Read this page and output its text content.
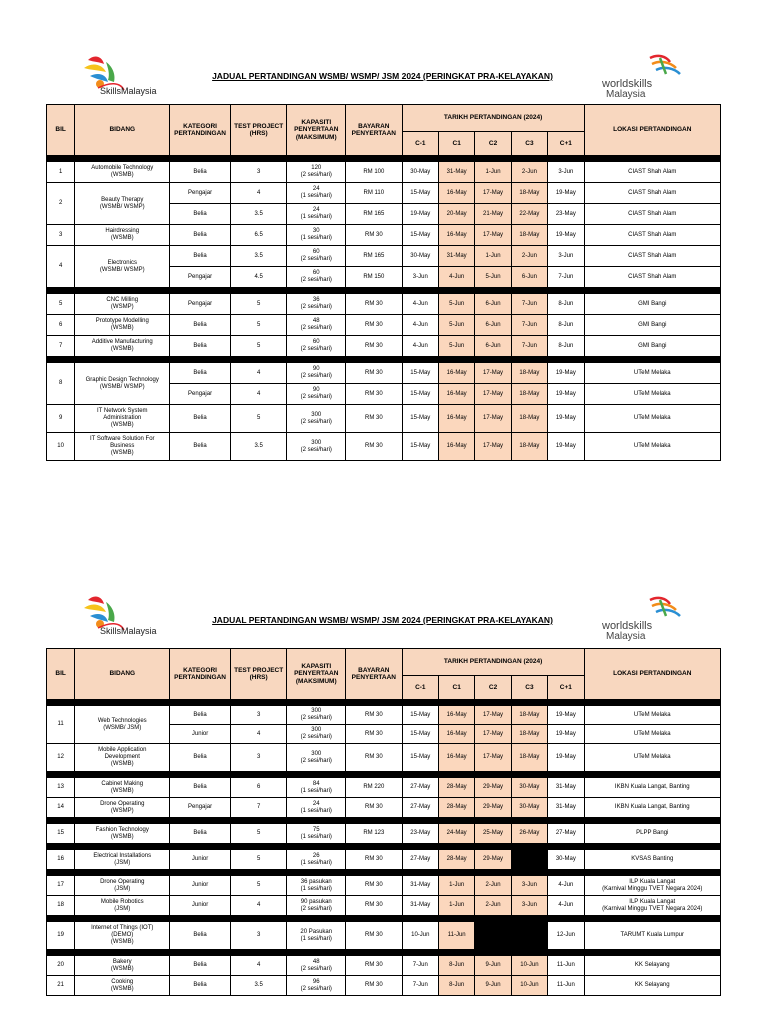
SkillsMalaysia
JADUAL PERTANDINGAN WSMB/ WSMP/ JSM 2024 (PERINGKAT PRA-KELAYAKAN)
worldskills
Malaysia
BIL	BIDANG	KATEGORI PERTANDINGAN	TEST PROJECT (HRS)	KAPASITI PENYERTAAN (MAKSIMUM)	BAYARAN PENYERTAAN	TARIKH PERTANDINGAN (2024)					LOKASI PERTANDINGAN
						C-1	C1	C2	C3	C+1	

1	Automobile Technology
(WSMB)	Belia	3	120
(2 sesi/hari)	RM 100	30-May	31-May	1-Jun	2-Jun	3-Jun	CIAST Shah Alam
2	Beauty Therapy
(WSMB/ WSMP)	Pengajar	4	24
(1 sesi/hari)	RM 110	15-May	16-May	17-May	18-May	19-May	CIAST Shah Alam
		Belia	3.5	24
(1 sesi/hari)	RM 165	19-May	20-May	21-May	22-May	23-May	CIAST Shah Alam
3	Hairdressing
(WSMB)	Belia	6.5	30
(1 sesi/hari)	RM 30	15-May	16-May	17-May	18-May	19-May	CIAST Shah Alam
4	Electronics
(WSMB/ WSMP)	Belia	3.5	60
(2 sesi/hari)	RM 165	30-May	31-May	1-Jun	2-Jun	3-Jun	CIAST Shah Alam
		Pengajar	4.5	60
(2 sesi/hari)	RM 150	3-Jun	4-Jun	5-Jun	6-Jun	7-Jun	CIAST Shah Alam

5	CNC Milling
(WSMP)	Pengajar	5	36
(2 sesi/hari)	RM 30	4-Jun	5-Jun	6-Jun	7-Jun	8-Jun	GMI Bangi
6	Prototype Modelling
(WSMB)	Belia	5	48
(2 sesi/hari)	RM 30	4-Jun	5-Jun	6-Jun	7-Jun	8-Jun	GMI Bangi
7	Additive Manufacturing
(WSMB)	Belia	5	60
(2 sesi/hari)	RM 30	4-Jun	5-Jun	6-Jun	7-Jun	8-Jun	GMI Bangi

8	Graphic Design Technology
(WSMB/ WSMP)	Belia	4	90
(2 sesi/hari)	RM 30	15-May	16-May	17-May	18-May	19-May	UTeM Melaka
		Pengajar	4	90
(2 sesi/hari)	RM 30	15-May	16-May	17-May	18-May	19-May	UTeM Melaka
9	IT Network System
Administration
(WSMB)	Belia	5	300
(2 sesi/hari)	RM 30	15-May	16-May	17-May	18-May	19-May	UTeM Melaka
10	IT Software Solution For
Business
(WSMB)	Belia	3.5	300
(2 sesi/hari)	RM 30	15-May	16-May	17-May	18-May	19-May	UTeM Melaka
SkillsMalaysia
JADUAL PERTANDINGAN WSMB/ WSMP/ JSM 2024 (PERINGKAT PRA-KELAYAKAN)	worldskills
Malaysia
BIL	BIDANG	KATEGORI PERTANDINGAN	TEST PROJECT (HRS)	KAPASITI PENYERTAAN (MAKSIMUM)	BAYARAN PENYERTAAN	TARIKH PERTANDINGAN (2024)					LOKASI PERTANDINGAN
						C-1	C1	C2	C3	C+1	

11	Web Technologies
(WSMB/ JSM)	Belia	3	300
(2 sesi/hari)	RM 30	15-May	16-May	17-May	18-May	19-May	UTeM Melaka
		Junior	4	300
(2 sesi/hari)	RM 30	15-May	16-May	17-May	18-May	19-May	UTeM Melaka
12	Mobile Application
Development
(WSMB)	Belia	3	300
(2 sesi/hari)	RM 30	15-May	16-May	17-May	18-May	19-May	UTeM Melaka

13	Cabinet Making
(WSMB)	Belia	6	84
(1 sesi/hari)	RM 220	27-May	28-May	29-May	30-May	31-May	IKBN Kuala Langat, Banting
14	Drone Operating
(WSMP)	Pengajar	7	24
(1 sesi/hari)	RM 30	27-May	28-May	29-May	30-May	31-May	IKBN Kuala Langat, Banting

15	Fashion Technology
(WSMB)	Belia	5	75
(1 sesi/hari)	RM 123	23-May	24-May	25-May	26-May	27-May	PLPP Bangi

16	Electrical Installations
(JSM)	Junior	5	26
(1 sesi/hari)	RM 30	27-May	28-May	29-May		30-May	KVSAS Banting

17	Drone Operating
(JSM)	Junior	5	36 pasukan
(1 sesi/hari)	RM 30	31-May	1-Jun	2-Jun	3-Jun	4-Jun	ILP Kuala Langat
(Karnival Minggu TVET Negara 2024)
18	Mobile Robotics
(JSM)	Junior	4	90 pasukan
(2 sesi/hari)	RM 30	31-May	1-Jun	2-Jun	3-Jun	4-Jun	ILP Kuala Langat
(Karnival Minggu TVET Negara 2024)

19	Internet of Things (IOT)
(DEMO)
(WSMB)	Belia	3	20 Pasukan
(1 sesi/hari)	RM 30	10-Jun	11-Jun			12-Jun	TARUMT Kuala Lumpur

20	Bakery
(WSMB)	Belia	4	48
(2 sesi/hari)	RM 30	7-Jun	8-Jun	9-Jun	10-Jun	11-Jun	KK Selayang
21	Cooking
(WSMB)	Belia	3.5	96
(2 sesi/hari)	RM 30	7-Jun	8-Jun	9-Jun	10-Jun	11-Jun	KK Selayang
